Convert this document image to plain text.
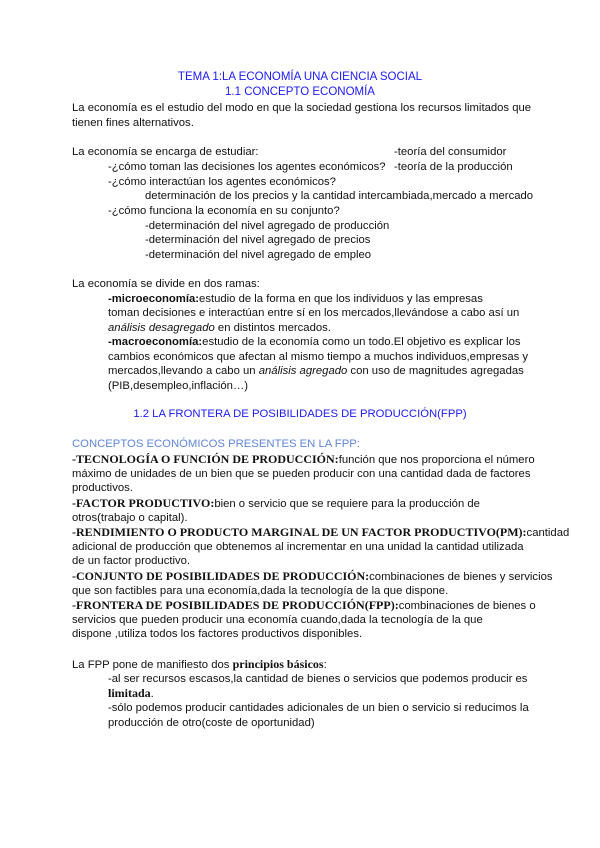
TEMA 1:LA ECONOMÍA UNA CIENCIA SOCIAL
1.1 CONCEPTO ECONOMÍA
La economía es el estudio del modo en que la sociedad gestiona los recursos limitados que
tienen fines alternativos.
La economía se encarga de estudiar:	-teoría del consumidor
-¿cómo toman las decisiones los agentes económicos? -teoría de la producción
-¿cómo interactúan los agentes económicos?
determinación de los precios y la cantidad intercambiada,mercado a mercado
-¿cómo funciona la economía en su conjunto?
-determinación del nivel agregado de producción
-determinación del nivel agregado de precios
-determinación del nivel agregado de empleo
La economía se divide en dos ramas:
-microeconomía:estudio de la forma en que los individuos y las empresas
toman decisiones e interactúan entre sí en los mercados,llevándose a cabo así un
análisis desagregado en distintos mercados.
-macroeconomía:estudio de la economía como un todo.El objetivo es explicar los
cambios económicos que afectan al mismo tiempo a muchos individuos,empresas y
mercados,llevando a cabo un análisis agregado con uso de magnitudes agregadas
(PIB,desempleo,inflación…)
1.2 LA FRONTERA DE POSIBILIDADES DE PRODUCCIÓN(FPP)
CONCEPTOS ECONÓMICOS PRESENTES EN LA FPP:
-TECNOLOGÍA O FUNCIÓN DE PRODUCCIÓN:función que nos proporciona el número
máximo de unidades de un bien que se pueden producir con una cantidad dada de factores
productivos.
-FACTOR PRODUCTIVO:bien o servicio que se requiere para la producción de
otros(trabajo o capital).
-RENDIMIENTO O PRODUCTO MARGINAL DE UN FACTOR PRODUCTIVO(PM):cantidad
adicional de producción que obtenemos al incrementar en una unidad la cantidad utilizada
de un factor productivo.
-CONJUNTO DE POSIBILIDADES DE PRODUCCIÓN:combinaciones de bienes y servicios
que son factibles para una economía,dada la tecnología de la que dispone.
-FRONTERA DE POSIBILIDADES DE PRODUCCIÓN(FPP):combinaciones de bienes o
servicios que pueden producir una economía cuando,dada la tecnología de la que
dispone ,utiliza todos los factores productivos disponibles.
La FPP pone de manifiesto dos principios básicos:
-al ser recursos escasos,la cantidad de bienes o servicios que podemos producir es
limitada.
-sólo podemos producir cantidades adicionales de un bien o servicio si reducimos la
producción de otro(coste de oportunidad)
